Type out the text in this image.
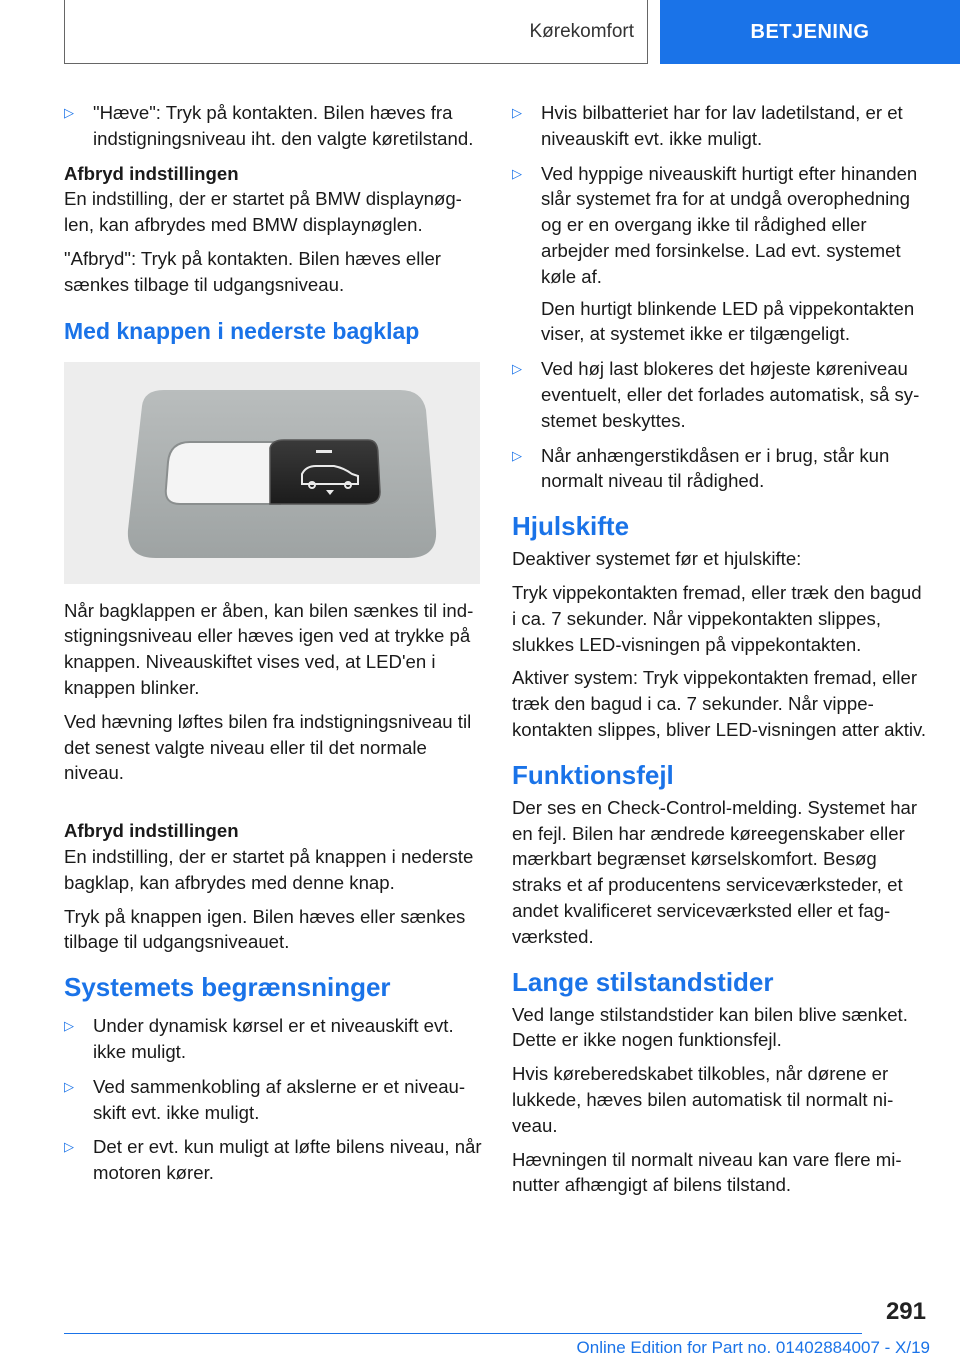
Kørekomfort	BETJENING
▷ "Hæve": Tryk på kontakten. Bilen hæves fra indstigningsniveau iht. den valgte køretilstand.

Afbryd indstillingen

En indstilling, der er startet på BMW displaynøglen, kan afbrydes med BMW displaynøglen.

"Afbryd": Tryk på kontakten. Bilen hæves eller sænkes tilbage til udgangsniveau.

Med knappen i nederste bagklap

Når bagklappen er åben, kan bilen sænkes til indstigningsniveau eller hæves igen ved at trykke på knappen. Niveauskiftet vises ved, at LED'en i knappen blinker.

Ved hævning løftes bilen fra indstigningsniveau til det senest valgte niveau eller til det normale niveau.

Afbryd indstillingen

En indstilling, der er startet på knappen i nederste bagklap, kan afbrydes med denne knap.

Tryk på knappen igen. Bilen hæves eller sænkes tilbage til udgangsniveauet.

Systemets begrænsninger

▷ Under dynamisk kørsel er et niveauskift evt. ikke muligt.
▷ Ved sammenkobling af akslerne er et niveauskift evt. ikke muligt.
▷ Det er evt. kun muligt at løfte bilens niveau, når motoren kører.
▷ Hvis bilbatteriet har for lav ladetilstand, er et niveauskift evt. ikke muligt.
▷ Ved hyppige niveauskift hurtigt efter hinanden slår systemet fra for at undgå overophedning og er en overgang ikke til rådighed eller arbejder med forsinkelse. Lad evt. systemet køle af.
Den hurtigt blinkende LED på vippekontakten viser, at systemet ikke er tilgængeligt.
▷ Ved høj last blokeres det højeste køreniveau eventuelt, eller det forlades automatisk, så systemet beskyttes.
▷ Når anhængerstikdåsen er i brug, står kun normalt niveau til rådighed.

Hjulskifte

Deaktiver systemet før et hjulskifte:

Tryk vippekontakten fremad, eller træk den bagud i ca. 7 sekunder. Når vippekontakten slippes, slukkes LED-visningen på vippekontakten.

Aktiver system: Tryk vippekontakten fremad, eller træk den bagud i ca. 7 sekunder. Når vippekontakten slippes, bliver LED-visningen atter aktiv.

Funktionsfejl

Der ses en Check-Control-melding. Systemet har en fejl. Bilen har ændrede køreegenskaber eller mærkbart begrænset kørselskomfort. Besøg straks et af producentens serviceværksteder, et andet kvalificeret serviceværksted eller et fagværksted.

Lange stilstandstider

Ved lange stilstandstider kan bilen blive sænket. Dette er ikke nogen funktionsfejl.

Hvis køreberedskabet tilkobles, når dørene er lukkede, hæves bilen automatisk til normalt niveau.

Hævningen til normalt niveau kan vare flere minutter afhængigt af bilens tilstand.

291
Online Edition for Part no. 01402884007 - X/19
